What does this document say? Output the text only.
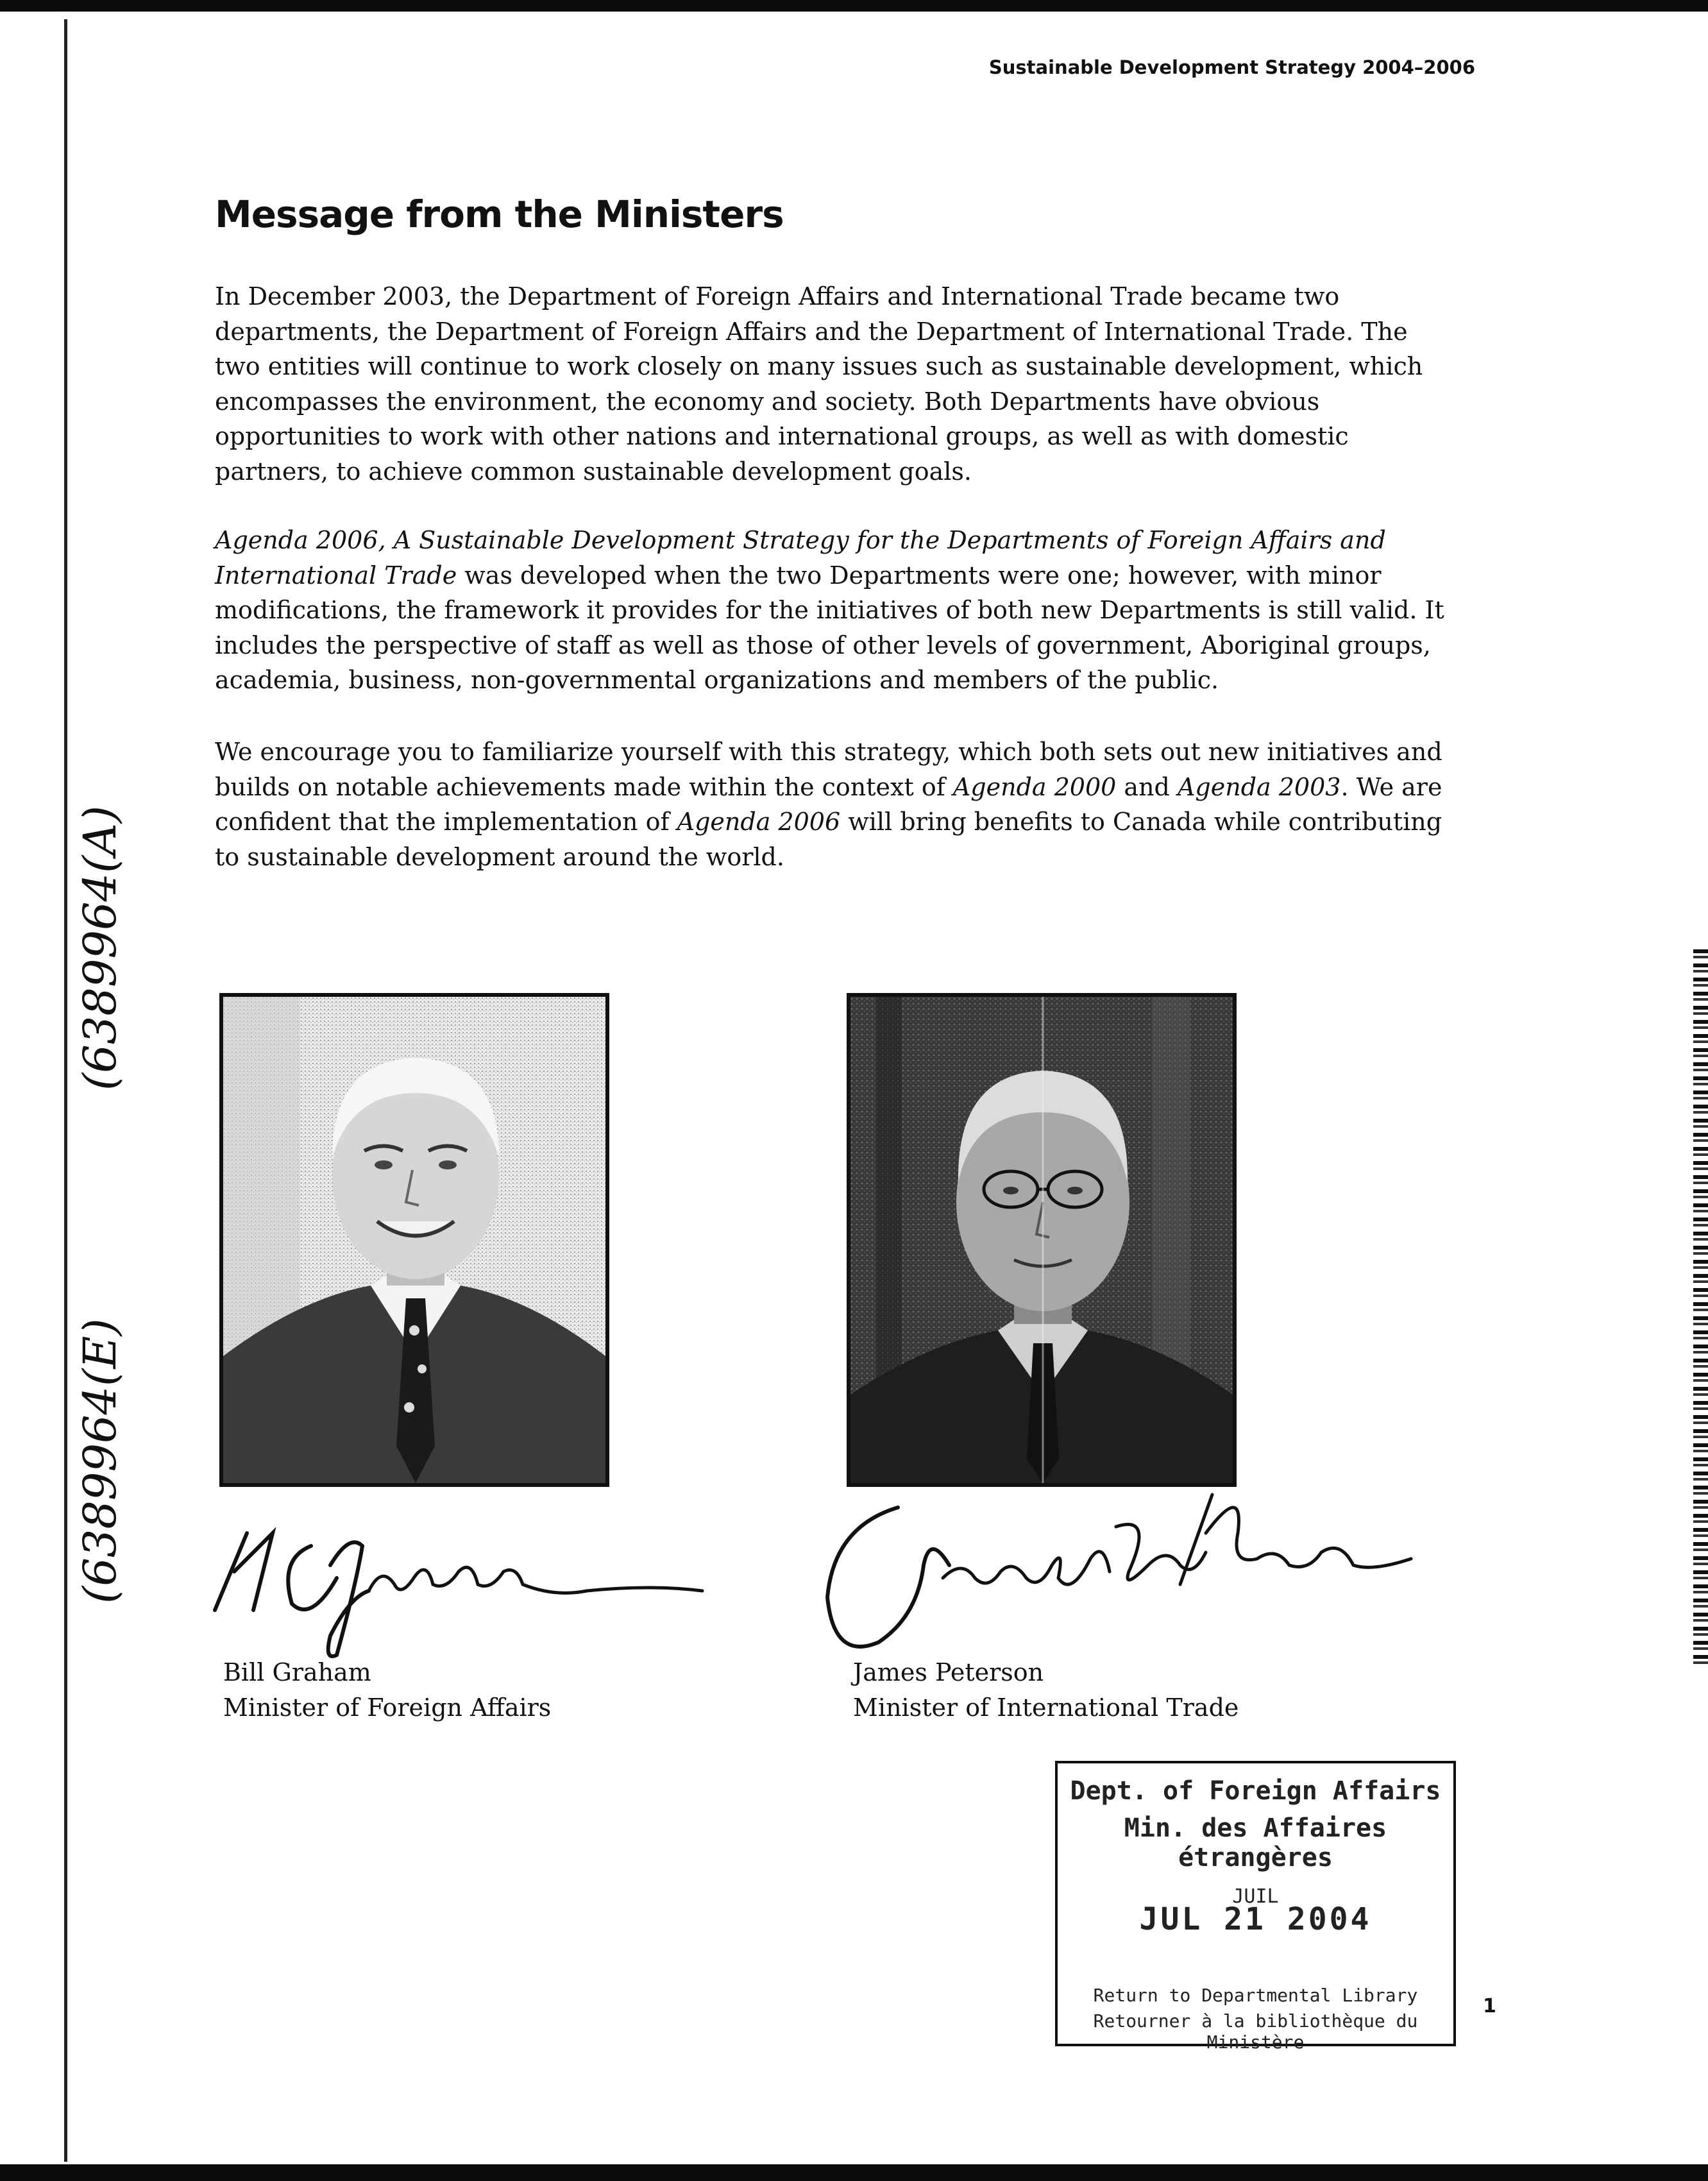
Sustainable Development Strategy 2004–2006
Message from the Ministers

In December 2003, the Department of Foreign Affairs and International Trade became two departments, the Department of Foreign Affairs and the Department of International Trade. The two entities will continue to work closely on many issues such as sustainable development, which encompasses the environment, the economy and society. Both Departments have obvious opportunities to work with other nations and international groups, as well as with domestic partners, to achieve common sustainable development goals.

Agenda 2006, A Sustainable Development Strategy for the Departments of Foreign Affairs and International Trade was developed when the two Departments were one; however, with minor modifications, the framework it provides for the initiatives of both new Departments is still valid. It includes the perspective of staff as well as those of other levels of government, Aboriginal groups, academia, business, non-governmental organizations and members of the public.

We encourage you to familiarize yourself with this strategy, which both sets out new initiatives and builds on notable achievements made within the context of Agenda 2000 and Agenda 2003. We are confident that the implementation of Agenda 2006 will bring benefits to Canada while contributing to sustainable development around the world.

(6389964(A)
(6389964(E)
Bill Graham
Minister of Foreign Affairs
James Peterson
Minister of International Trade
Dept. of Foreign Affairs
Min. des Affaires étrangères
JUIL
JUL 21 2004
Return to Departmental Library
Retourner à la bibliothèque du Ministère
1
